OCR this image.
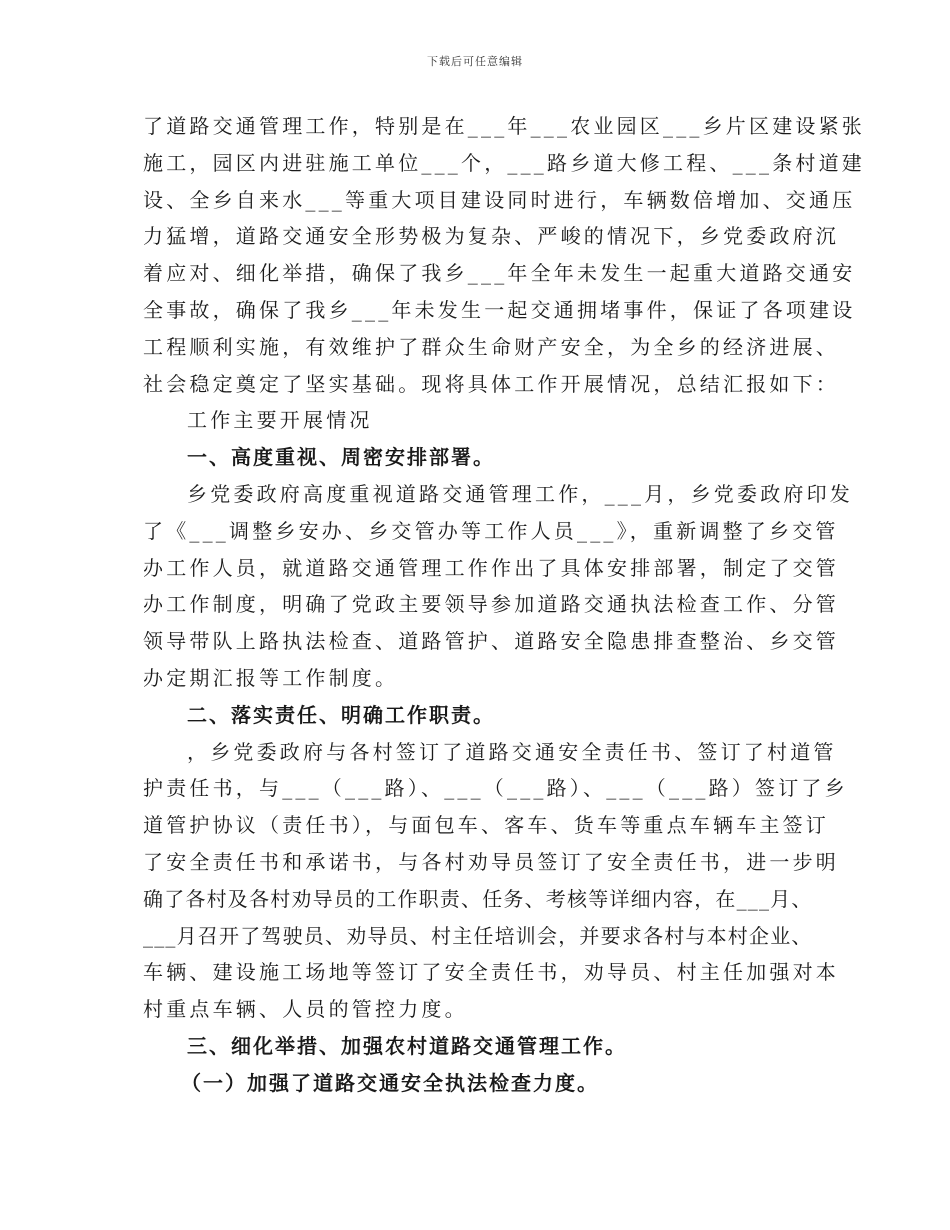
下载后可任意编辑
了道路交通管理工作，特别是在___年___农业园区___乡片区建设紧张
施工，园区内进驻施工单位___个，___路乡道大修工程、___条村道建
设、全乡自来水___等重大项目建设同时进行，车辆数倍增加、交通压
力猛增，道路交通安全形势极为复杂、严峻的情况下，乡党委政府沉
着应对、细化举措，确保了我乡___年全年未发生一起重大道路交通安
全事故，确保了我乡___年未发生一起交通拥堵事件，保证了各项建设
工程顺利实施，有效维护了群众生命财产安全，为全乡的经济进展、
社会稳定奠定了坚实基础。现将具体工作开展情况，总结汇报如下：
工作主要开展情况
一、高度重视、周密安排部署。
乡党委政府高度重视道路交通管理工作，___月，乡党委政府印发
了《___调整乡安办、乡交管办等工作人员___》，重新调整了乡交管
办工作人员，就道路交通管理工作作出了具体安排部署，制定了交管
办工作制度，明确了党政主要领导参加道路交通执法检查工作、分管
领导带队上路执法检查、道路管护、道路安全隐患排查整治、乡交管
办定期汇报等工作制度。
二、落实责任、明确工作职责。
，乡党委政府与各村签订了道路交通安全责任书、签订了村道管
护责任书，与___（___路）、___（___路）、___（___路）签订了乡
道管护协议（责任书），与面包车、客车、货车等重点车辆车主签订
了安全责任书和承诺书，与各村劝导员签订了安全责任书，进一步明
确了各村及各村劝导员的工作职责、任务、考核等详细内容，在___月、
___月召开了驾驶员、劝导员、村主任培训会，并要求各村与本村企业、
车辆、建设施工场地等签订了安全责任书，劝导员、村主任加强对本
村重点车辆、人员的管控力度。
三、细化举措、加强农村道路交通管理工作。
（一）加强了道路交通安全执法检查力度。
